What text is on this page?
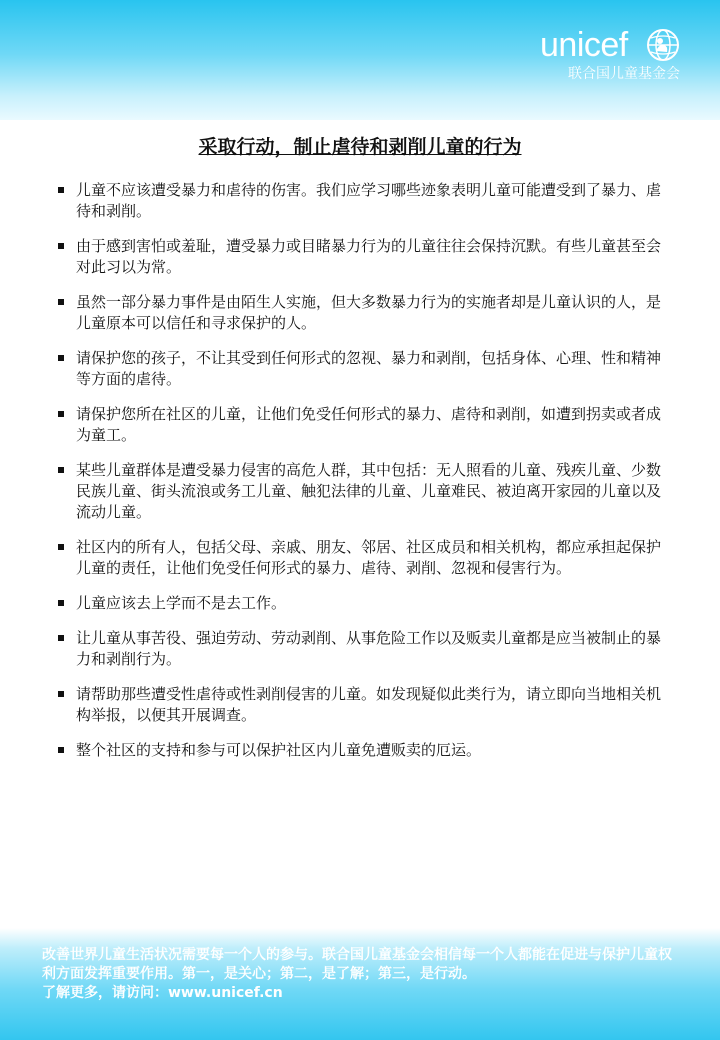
unicef
联合国儿童基金会
采取行动，制止虐待和剥削儿童的行为
儿童不应该遭受暴力和虐待的伤害。我们应学习哪些迹象表明儿童可能遭受到了暴力、虐待和剥削。
由于感到害怕或羞耻，遭受暴力或目睹暴力行为的儿童往往会保持沉默。有些儿童甚至会对此习以为常。
虽然一部分暴力事件是由陌生人实施，但大多数暴力行为的实施者却是儿童认识的人，是儿童原本可以信任和寻求保护的人。
请保护您的孩子，不让其受到任何形式的忽视、暴力和剥削，包括身体、心理、性和精神等方面的虐待。
请保护您所在社区的儿童，让他们免受任何形式的暴力、虐待和剥削，如遭到拐卖或者成为童工。
某些儿童群体是遭受暴力侵害的高危人群，其中包括：无人照看的儿童、残疾儿童、少数民族儿童、街头流浪或务工儿童、触犯法律的儿童、儿童难民、被迫离开家园的儿童以及流动儿童。
社区内的所有人，包括父母、亲戚、朋友、邻居、社区成员和相关机构，都应承担起保护儿童的责任，让他们免受任何形式的暴力、虐待、剥削、忽视和侵害行为。
儿童应该去上学而不是去工作。
让儿童从事苦役、强迫劳动、劳动剥削、从事危险工作以及贩卖儿童都是应当被制止的暴力和剥削行为。
请帮助那些遭受性虐待或性剥削侵害的儿童。如发现疑似此类行为，请立即向当地相关机构举报，以便其开展调查。
整个社区的支持和参与可以保护社区内儿童免遭贩卖的厄运。
改善世界儿童生活状况需要每一个人的参与。联合国儿童基金会相信每一个人都能在促进与保护儿童权利方面发挥重要作用。第一，是关心；第二，是了解；第三，是行动。
了解更多，请访问：www.unicef.cn
